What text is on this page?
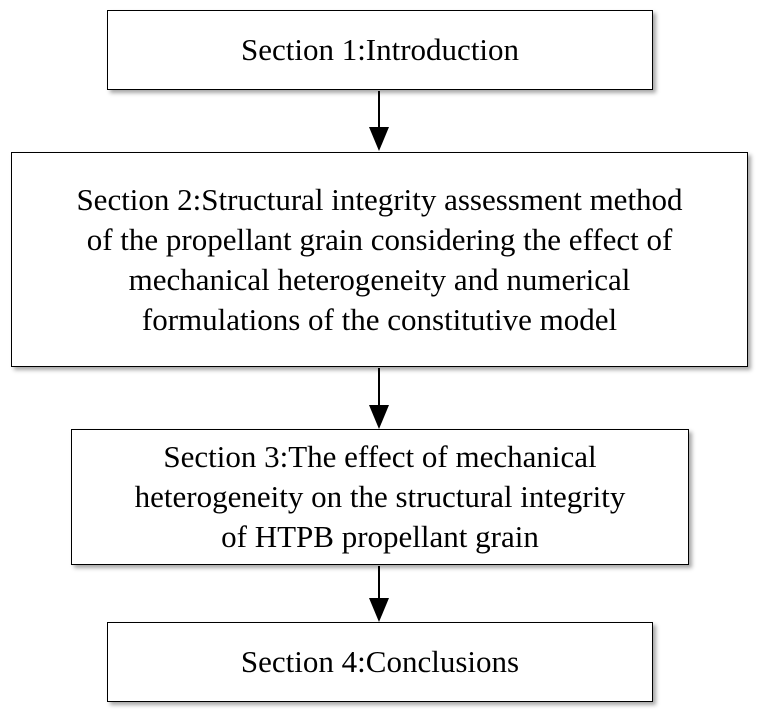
Section 1:Introduction
Section 2:Structural integrity assessment method
of the propellant grain considering the effect of
mechanical heterogeneity and numerical
formulations of the constitutive model
Section 3:The effect of mechanical
heterogeneity on the structural integrity
of HTPB propellant grain
Section 4:Conclusions
